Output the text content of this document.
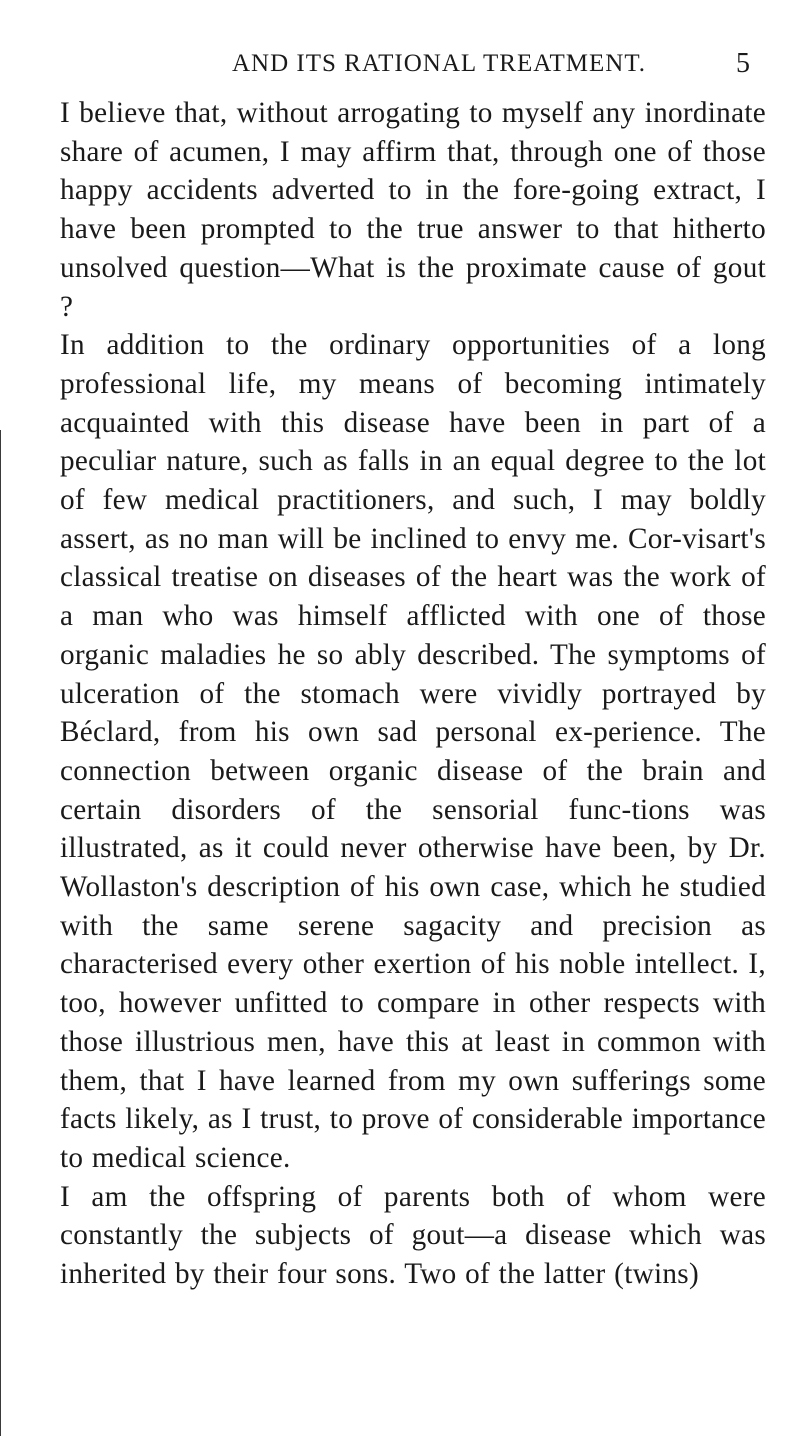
AND ITS RATIONAL TREATMENT.	5

I believe that, without arrogating to myself any inordinate share of acumen, I may affirm that, through one of those happy accidents adverted to in the fore-going extract, I have been prompted to the true answer to that hitherto unsolved question—What is the proximate cause of gout ?

In addition to the ordinary opportunities of a long professional life, my means of becoming intimately acquainted with this disease have been in part of a peculiar nature, such as falls in an equal degree to the lot of few medical practitioners, and such, I may boldly assert, as no man will be inclined to envy me. Cor-visart's classical treatise on diseases of the heart was the work of a man who was himself afflicted with one of those organic maladies he so ably described. The symptoms of ulceration of the stomach were vividly portrayed by Béclard, from his own sad personal ex-perience. The connection between organic disease of the brain and certain disorders of the sensorial func-tions was illustrated, as it could never otherwise have been, by Dr. Wollaston's description of his own case, which he studied with the same serene sagacity and precision as characterised every other exertion of his noble intellect. I, too, however unfitted to compare in other respects with those illustrious men, have this at least in common with them, that I have learned from my own sufferings some facts likely, as I trust, to prove of considerable importance to medical science.

I am the offspring of parents both of whom were constantly the subjects of gout—a disease which was inherited by their four sons. Two of the latter (twins)
